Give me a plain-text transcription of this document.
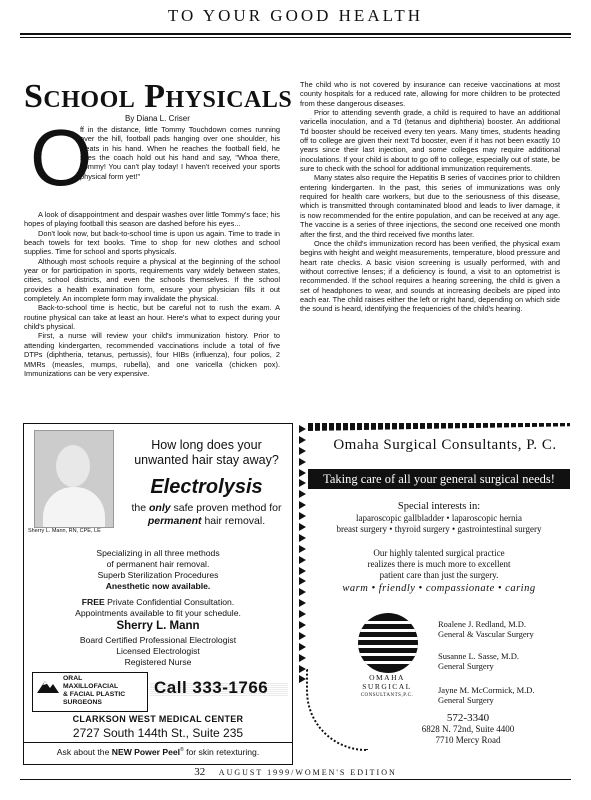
TO YOUR GOOD HEALTH
School Physicals
By Diana L. Criser
O

ff in the distance, little Tommy Touchdown comes running over the hill, football pads hanging over one shoulder, his cleats in his hand. When he reaches the football field, he sees the coach hold out his hand and say, "Whoa there, Tommy! You can't play today! I haven't received your sports physical form yet!"

A look of disappointment and despair washes over little Tommy's face; his hopes of playing football this season are dashed before his eyes...

Don't look now, but back-to-school time is upon us again. Time to trade in beach towels for text books. Time to shop for new clothes and school supplies. Time for school and sports physicals.

Although most schools require a physical at the beginning of the school year or for participation in sports, requirements vary widely between states, cities, school districts, and even the schools themselves. If the school provides a health examination form, ensure your physician fills it out completely. An incomplete form may invalidate the physical.

Back-to-school time is hectic, but be careful not to rush the exam. A routine physical can take at least an hour. Here's what to expect during your child's physical.

First, a nurse will review your child's immunization history. Prior to attending kindergarten, recommended vaccinations include a total of five DTPs (diphtheria, tetanus, pertussis), four HIBs (influenza), four polios, 2 MMRs (measles, mumps, rubella), and one varicella (chicken pox). Immunizations can be very expensive.

The child who is not covered by insurance can receive vaccinations at most county hospitals for a reduced rate, allowing for more children to be protected from these dangerous diseases.

Prior to attending seventh grade, a child is required to have an additional varicella inoculation, and a Td (tetanus and diphtheria) booster. An additional Td booster should be received every ten years. Many times, students heading off to college are given their next Td booster, even if it has not been exactly 10 years since their last injection, and some colleges may require additional inoculations. If your child is about to go off to college, especially out of state, be sure to check with the school for additional immunization requirements.

Many states also require the Hepatitis B series of vaccines prior to children entering kindergarten. In the past, this series of immunizations was only required for health care workers, but due to the seriousness of this disease, which is transmitted through contaminated blood and leads to liver damage, it is now recommended for the entire population, and can be received at any age. The vaccine is a series of three injections, the second one received one month after the first, and the third received five months later.

Once the child's immunization record has been verified, the physical exam begins with height and weight measurements, temperature, blood pressure and heart rate checks. A basic vision screening is usually performed, with and without corrective lenses; if a deficiency is found, a visit to an optometrist is recommended. If the school requires a hearing screening, the child is given a set of headphones to wear, and sounds at increasing decibels are piped into each ear. The child raises either the left or right hand, depending on which side the sound is heard, identifying the frequencies of the child's hearing.

Sherry L. Mann, RN, CPE, LE
How long does your unwanted hair stay away?
Electrolysis
the only safe proven method for permanent hair removal.
Specializing in all three methods
of permanent hair removal.
Superb Sterilization Procedures
Anesthetic now available.
FREE Private Confidential Consultation.
Appointments available to fit your schedule.
Sherry L. Mann
Board Certified Professional Electrologist
Licensed Electrologist
Registered Nurse
ORAL
MAXILLOFACIAL
& FACIAL PLASTIC
SURGEONS
Call 333-1766
CLARKSON WEST MEDICAL CENTER
2727 South 144th St., Suite 235
Ask about the NEW Power Peel® for skin retexturing.
Omaha Surgical Consultants, P. C.
Taking care of all your general surgical needs!
Special interests in:
laparoscopic gallbladder • laparoscopic hernia
breast surgery • thyroid surgery • gastrointestinal surgery
Our highly talented surgical practice
realizes there is much more to excellent
patient care than just the surgery.
warm • friendly • compassionate • caring
OMAHA
SURGICAL
CONSULTANTS,P.C.
Roalene J. Redland, M.D.
General & Vascular Surgery
Susanne L. Sasse, M.D.
General Surgery
Jayne M. McCormick, M.D.
General Surgery
572-3340
6828 N. 72nd, Suite 4400
7710 Mercy Road
32 AUGUST 1999/WOMEN'S EDITION
